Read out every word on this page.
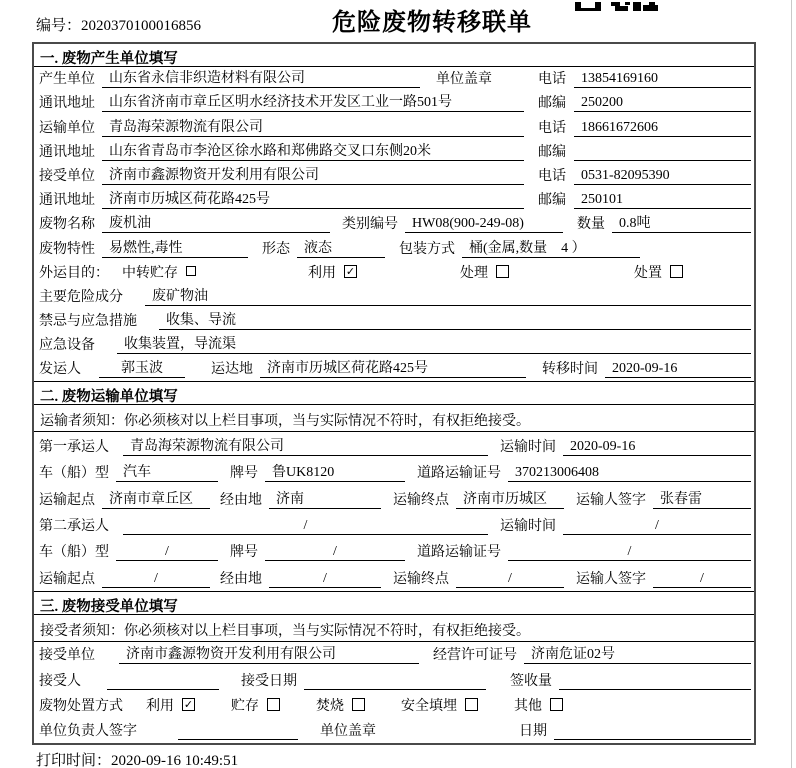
编号：2020370100016856	危险废物转移联单
一. 废物产生单位填写
产生单位	山东省永信非织造材料有限公司	单位盖章	电话	13854169160
通讯地址	山东省济南市章丘区明水经济技术开发区工业一路501号	邮编	250200
运输单位	青岛海荣源物流有限公司	电话	18661672606
通讯地址	山东省青岛市李沧区徐水路和郑佛路交叉口东侧20米	邮编
接受单位	济南市鑫源物资开发利用有限公司	电话	0531-82095390
通讯地址	济南市历城区荷花路425号	邮编	250101
废物名称	废机油	类别编号	HW08(900-249-08)	数量	0.8吨
废物特性	易燃性,毒性	形态	液态	包装方式	桶(金属,数量　4 ）
外运目的： 中转贮存	利用 ✓	处理	处置
主要危险成分	废矿物油
禁忌与应急措施	收集、导流
应急设备	收集装置，导流渠
发运人	郭玉波	运达地	济南市历城区荷花路425号	转移时间	2020-09-16
二. 废物运输单位填写
运输者须知：你必须核对以上栏目事项，当与实际情况不符时，有权拒绝接受。
第一承运人	青岛海荣源物流有限公司	运输时间	2020-09-16
车（船）型	汽车	牌号	鲁UK8120	道路运输证号	370213006408
运输起点	济南市章丘区	经由地	济南	运输终点	济南市历城区	运输人签字	张春雷
第二承运人	/	运输时间	/
车（船）型	/	牌号	/	道路运输证号	/
运输起点	/	经由地	/	运输终点	/	运输人签字	/
三. 废物接受单位填写
接受者须知：你必须核对以上栏目事项，当与实际情况不符时，有权拒绝接受。
接受单位	济南市鑫源物资开发利用有限公司	经营许可证号	济南危证02号
接受人	接受日期	签收量
废物处置方式	利用 ✓	贮存	焚烧	安全填埋	其他
单位负责人签字	单位盖章	日期
打印时间：2020-09-16 10:49:51
